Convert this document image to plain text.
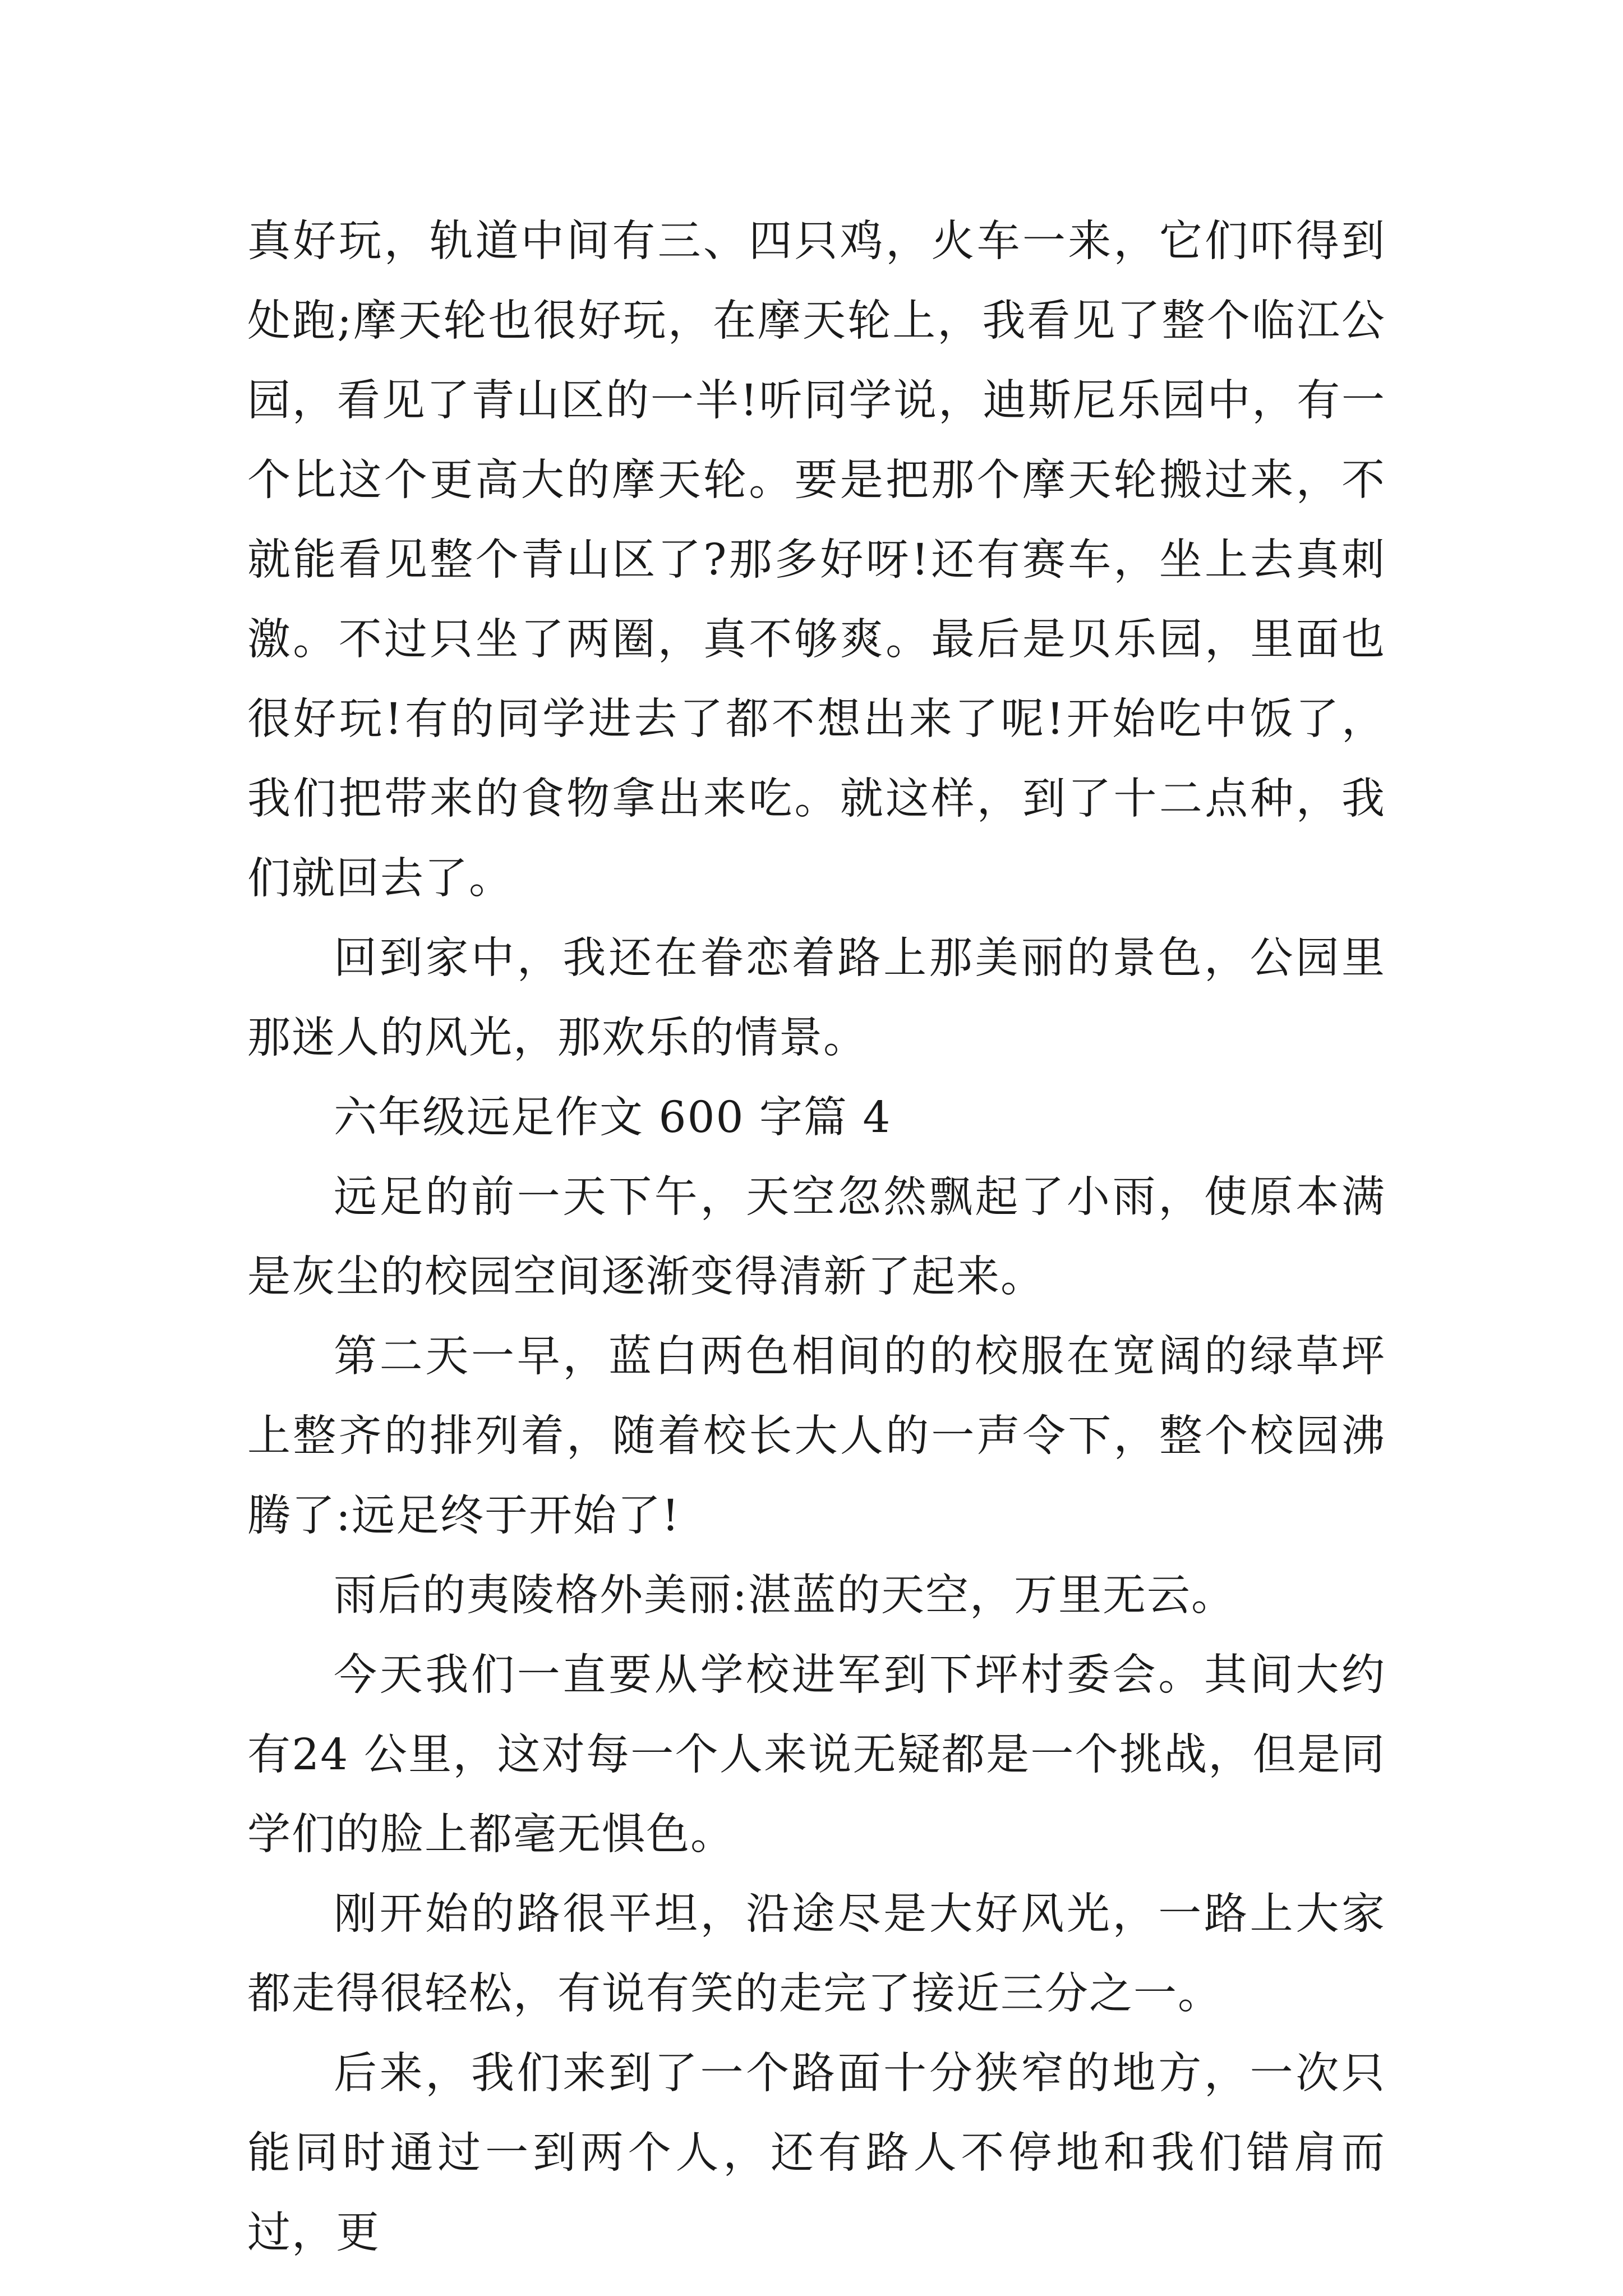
真好玩，轨道中间有三、四只鸡，火车一来，它们吓得到处跑;摩天轮也很好玩，在摩天轮上，我看见了整个临江公园，看见了青山区的一半!听同学说，迪斯尼乐园中，有一个比这个更高大的摩天轮。要是把那个摩天轮搬过来，不就能看见整个青山区了?那多好呀!还有赛车，坐上去真刺激。不过只坐了两圈，真不够爽。最后是贝乐园，里面也很好玩!有的同学进去了都不想出来了呢!开始吃中饭了，我们把带来的食物拿出来吃。就这样，到了十二点种，我们就回去了。

回到家中，我还在眷恋着路上那美丽的景色，公园里那迷人的风光，那欢乐的情景。

六年级远足作文 600 字篇 4

远足的前一天下午，天空忽然飘起了小雨，使原本满是灰尘的校园空间逐渐变得清新了起来。

第二天一早，蓝白两色相间的的校服在宽阔的绿草坪上整齐的排列着，随着校长大人的一声令下，整个校园沸腾了:远足终于开始了!

雨后的夷陵格外美丽:湛蓝的天空，万里无云。

今天我们一直要从学校进军到下坪村委会。其间大约有24 公里，这对每一个人来说无疑都是一个挑战，但是同学们的脸上都毫无惧色。

刚开始的路很平坦，沿途尽是大好风光，一路上大家都走得很轻松，有说有笑的走完了接近三分之一。

后来，我们来到了一个路面十分狭窄的地方，一次只能同时通过一到两个人，还有路人不停地和我们错肩而过，更
